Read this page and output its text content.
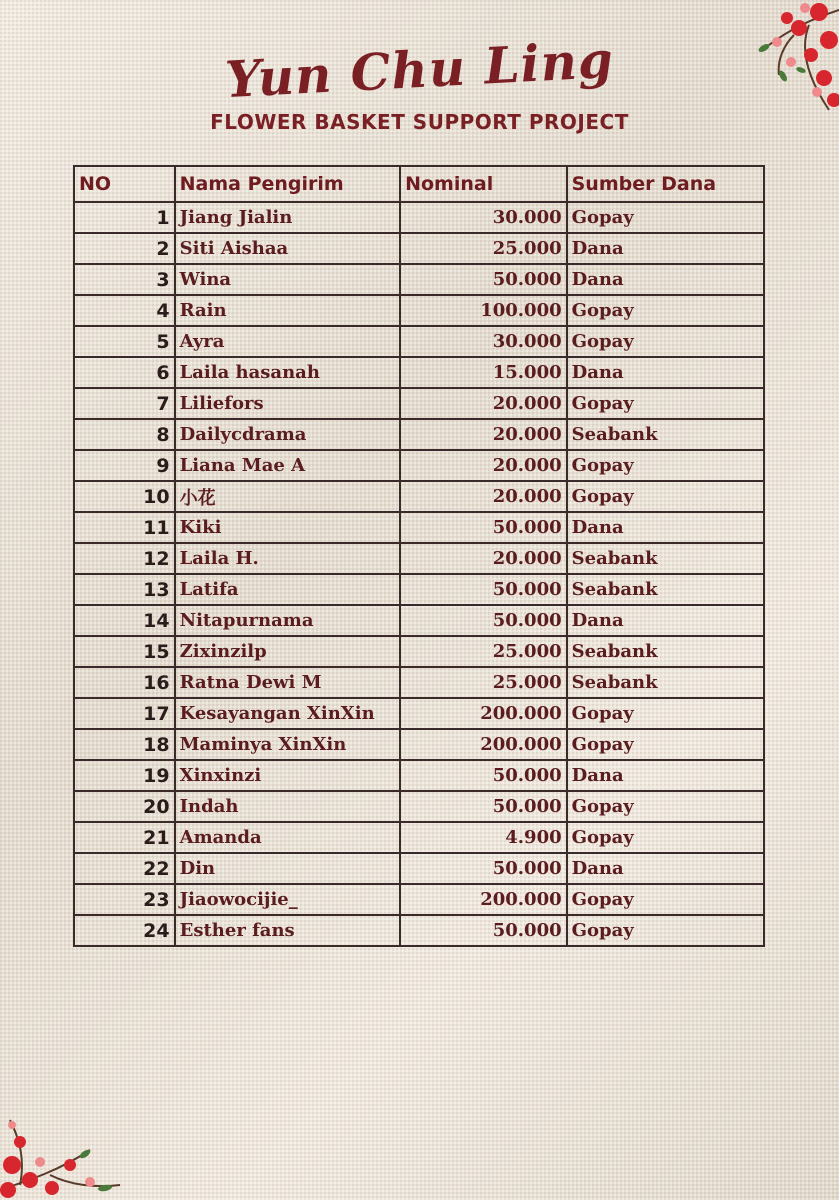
Yun Chu Ling
FLOWER BASKET SUPPORT PROJECT
NO	Nama Pengirim	Nominal	Sumber Dana
1	Jiang Jialin	30.000	Gopay
2	Siti Aishaa	25.000	Dana
3	Wina	50.000	Dana
4	Rain	100.000	Gopay
5	Ayra	30.000	Gopay
6	Laila hasanah	15.000	Dana
7	Liliefors	20.000	Gopay
8	Dailycdrama	20.000	Seabank
9	Liana Mae A	20.000	Gopay
10	小花	20.000	Gopay
11	Kiki	50.000	Dana
12	Laila H.	20.000	Seabank
13	Latifa	50.000	Seabank
14	Nitapurnama	50.000	Dana
15	Zixinzilp	25.000	Seabank
16	Ratna Dewi M	25.000	Seabank
17	Kesayangan XinXin	200.000	Gopay
18	Maminya XinXin	200.000	Gopay
19	Xinxinzi	50.000	Dana
20	Indah	50.000	Gopay
21	Amanda	4.900	Gopay
22	Din	50.000	Dana
23	Jiaowocijie_	200.000	Gopay
24	Esther fans	50.000	Gopay
